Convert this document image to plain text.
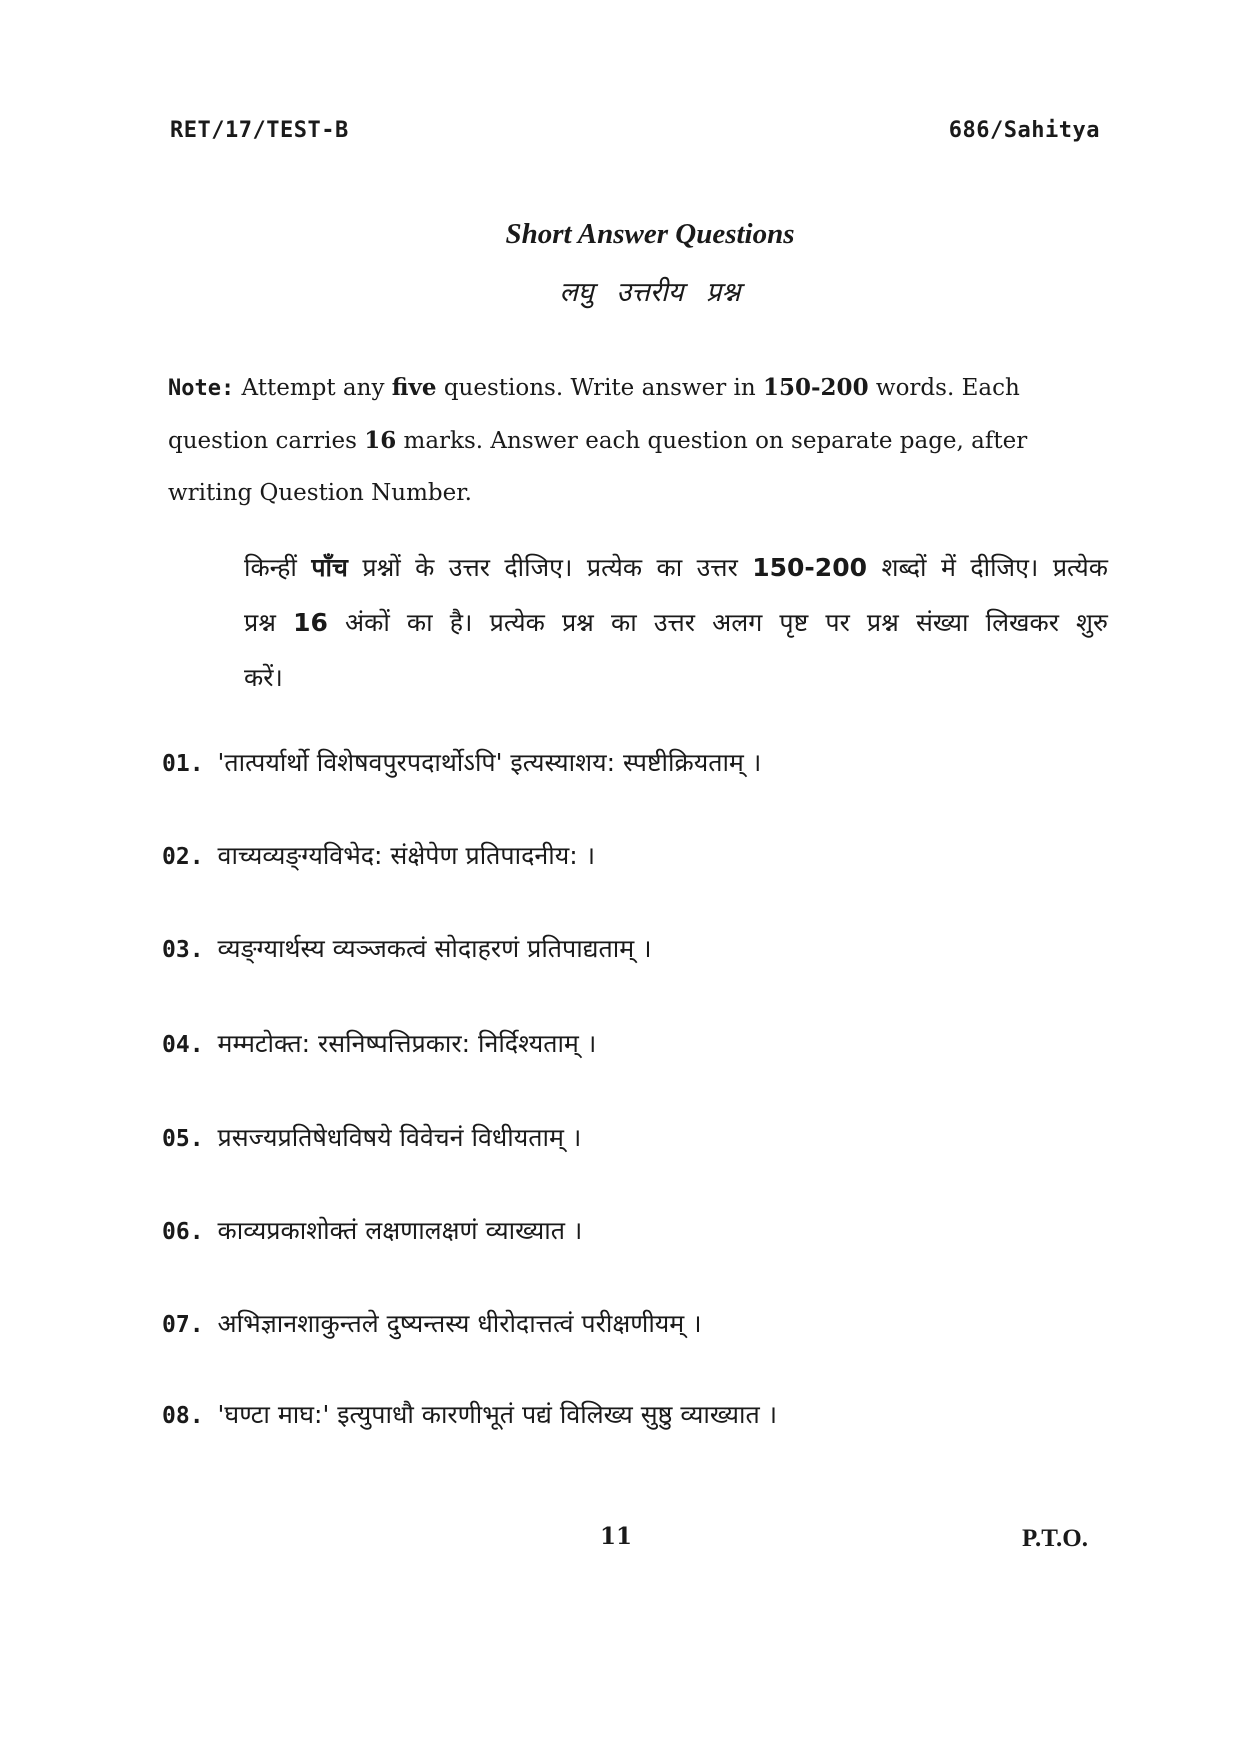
RET/17/TEST-B	686/Sahitya
Short Answer Questions
लघु उत्तरीय प्रश्न
Note: Attempt any five questions. Write answer in 150-200 words. Each question carries 16 marks. Answer each question on separate page, after writing Question Number.
किन्हीं पाँच प्रश्नों के उत्तर दीजिए। प्रत्येक का उत्तर 150-200 शब्दों में दीजिए। प्रत्येक प्रश्न 16 अंकों का है। प्रत्येक प्रश्न का उत्तर अलग पृष्ट पर प्रश्न संख्या लिखकर शुरु करें।
01. 'तात्पर्यार्थो विशेषवपुरपदार्थोऽपि' इत्यस्याशय: स्पष्टीक्रियताम् ।
02. वाच्यव्यङ्ग्यविभेद: संक्षेपेण प्रतिपादनीय: ।
03. व्यङ्ग्यार्थस्य व्यञ्जकत्वं सोदाहरणं प्रतिपाद्यताम् ।
04. मम्मटोक्त: रसनिष्पत्तिप्रकार: निर्दिश्यताम् ।
05. प्रसज्यप्रतिषेधविषये विवेचनं विधीयताम् ।
06. काव्यप्रकाशोक्तं लक्षणालक्षणं व्याख्यात ।
07. अभिज्ञानशाकुन्तले दुष्यन्तस्य धीरोदात्तत्वं परीक्षणीयम् ।
08. 'घण्टा माघ:' इत्युपाधौ कारणीभूतं पद्यं विलिख्य सुष्ठु व्याख्यात ।
11	P.T.O.
